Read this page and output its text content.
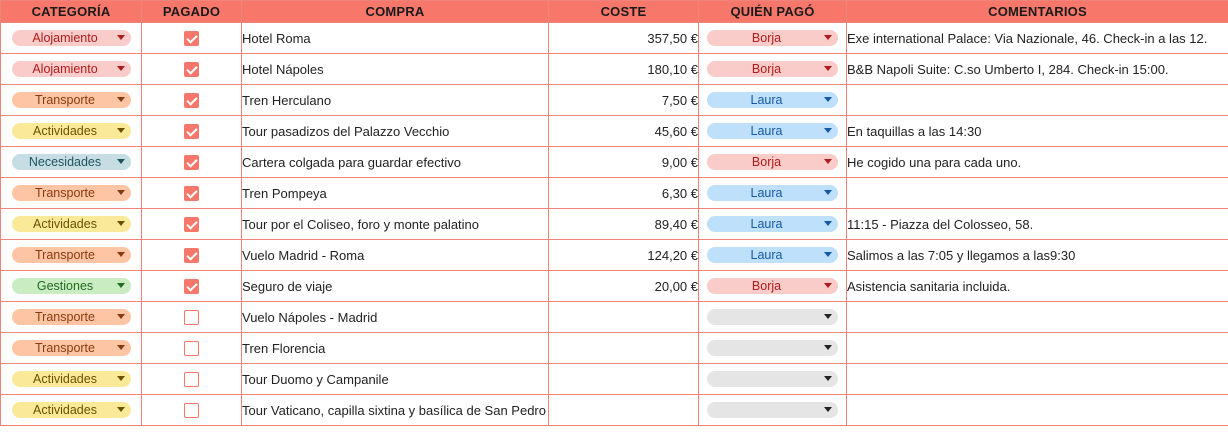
CATEGORÍA	PAGADO	COMPRA	COSTE	QUIÉN PAGÓ	COMENTARIOS

Alojamiento		Hotel Roma	357,50 €	Borja	Exe international Palace: Via Nazionale, 46. Check-in a las 12.

Alojamiento		Hotel Nápoles	180,10 €	Borja	B&B Napoli Suite: C.so Umberto I, 284. Check-in 15:00.

Transporte		Tren Herculano	7,50 €	Laura	

Actividades		Tour pasadizos del Palazzo Vecchio	45,60 €	Laura	En taquillas a las 14:30

Necesidades		Cartera colgada para guardar efectivo	9,00 €	Borja	He cogido una para cada uno.

Transporte		Tren Pompeya	6,30 €	Laura	

Actividades		Tour por el Coliseo, foro y monte palatino	89,40 €	Laura	11:15 - Piazza del Colosseo, 58.

Transporte		Vuelo Madrid - Roma	124,20 €	Laura	Salimos a las 7:05 y llegamos a las9:30

Gestiones		Seguro de viaje	20,00 €	Borja	Asistencia sanitaria incluida.

Transporte		Vuelo Nápoles - Madrid		

Transporte		Tren Florencia		

Actividades		Tour Duomo y Campanile		

Actividades		Tour Vaticano, capilla sixtina y basílica de San Pedro		
